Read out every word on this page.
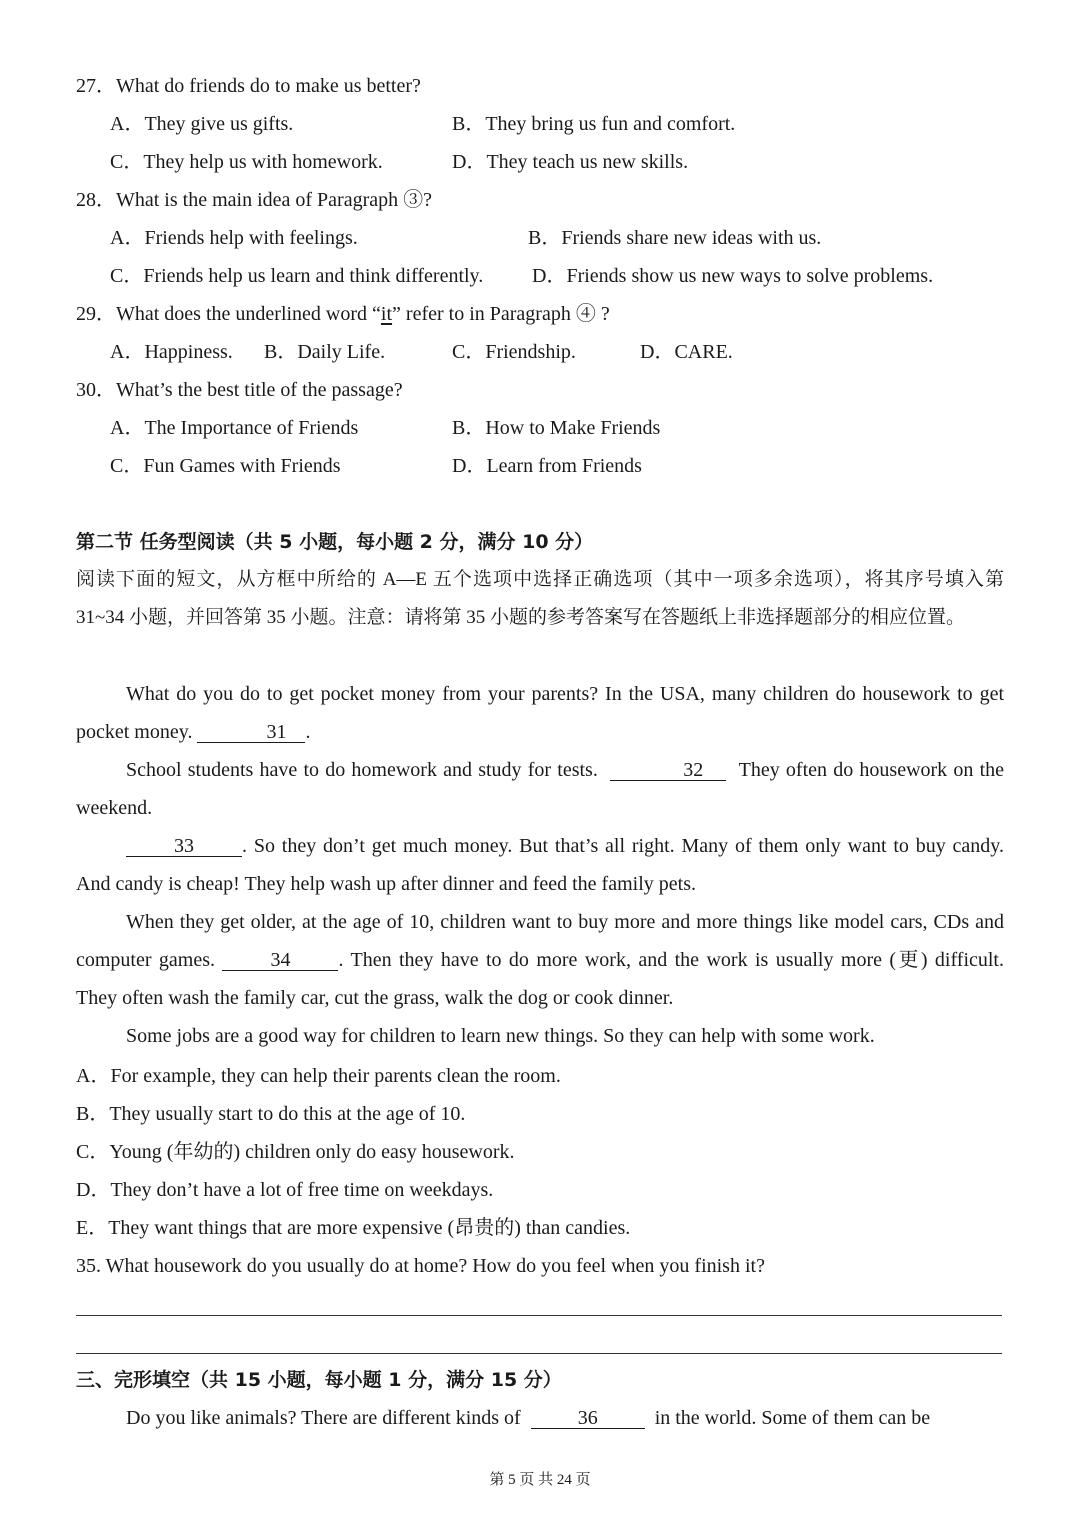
27．What do friends do to make us better?
A．They give us gifts.	B．They bring us fun and comfort.
C．They help us with homework.	D．They teach us new skills.
28．What is the main idea of Paragraph ③?
A．Friends help with feelings.	B．Friends share new ideas with us.
C．Friends help us learn and think differently. D．Friends show us new ways to solve problems.
29．What does the underlined word “it” refer to in Paragraph ④ ?
A．Happiness. B．Daily Life.	C．Friendship.	D．CARE.
30．What’s the best title of the passage?
A．The Importance of Friends	B．How to Make Friends
C．Fun Games with Friends	D．Learn from Friends
第二节 任务型阅读（共 5 小题，每小题 2 分，满分 10 分）
阅读下面的短文，从方框中所给的 A—E 五个选项中选择正确选项（其中一项多余选项），将其序号填入第 31~34 小题，并回答第 35 小题。注意：请将第 35 小题的参考答案写在答题纸上非选择题部分的相应位置。
What do you do to get pocket money from your parents? In the USA, many children do housework to get pocket money.	31 .
School students have to do homework and study for tests.	32 They often do housework on the weekend.
33 . So they don’t get much money. But that’s all right. Many of them only want to buy candy. And candy is cheap! They help wash up after dinner and feed the family pets.
When they get older, at the age of 10, children want to buy more and more things like model cars, CDs and computer games.	34 . Then they have to do more work, and the work is usually more (更) difficult. They often wash the family car, cut the grass, walk the dog or cook dinner.
Some jobs are a good way for children to learn new things. So they can help with some work.
A．For example, they can help their parents clean the room.
B．They usually start to do this at the age of 10.
C．Young (年幼的) children only do easy housework.
D．They don’t have a lot of free time on weekdays.
E．They want things that are more expensive (昂贵的) than candies.
35. What housework do you usually do at home? How do you feel when you finish it?
三、完形填空（共 15 小题，每小题 1 分，满分 15 分）
Do you like animals? There are different kinds of	36	in the world. Some of them can be
第 5 页 共 24 页
